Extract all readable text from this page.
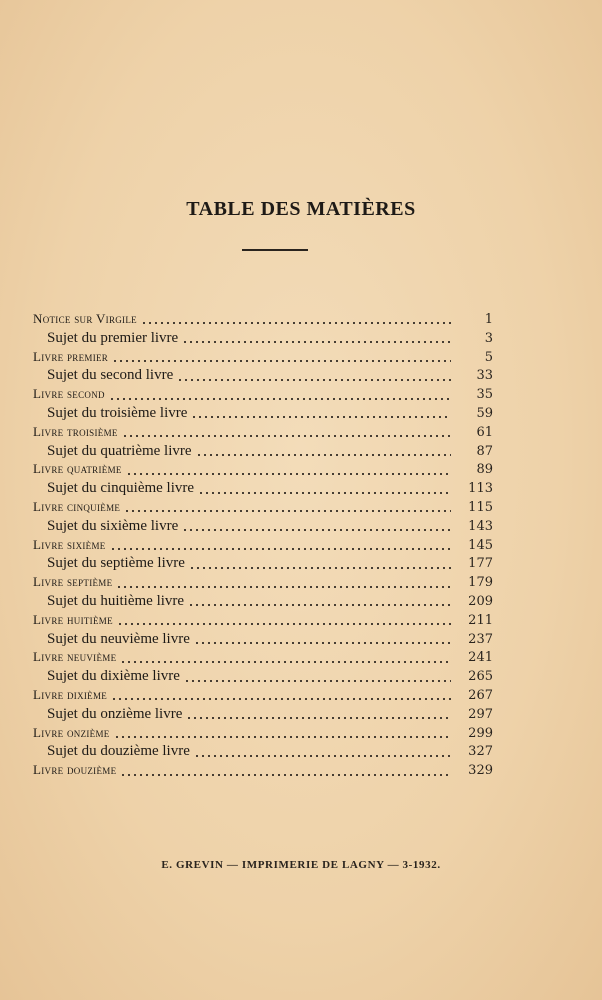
TABLE DES MATIÈRES
Notice sur Virgile	1
Sujet du premier livre	3
Livre premier	5
Sujet du second livre	33
Livre second	35
Sujet du troisième livre	59
Livre troisième	61
Sujet du quatrième livre	87
Livre quatrième	89
Sujet du cinquième livre	113
Livre cinquième	115
Sujet du sixième livre	143
Livre sixième	145
Sujet du septième livre	177
Livre septième	179
Sujet du huitième livre	209
Livre huitième	211
Sujet du neuvième livre	237
Livre neuvième	241
Sujet du dixième livre	265
Livre dixième	267
Sujet du onzième livre	297
Livre onzième	299
Sujet du douzième livre	327
Livre douzième	329
E. GREVIN — IMPRIMERIE DE LAGNY — 3-1932.
